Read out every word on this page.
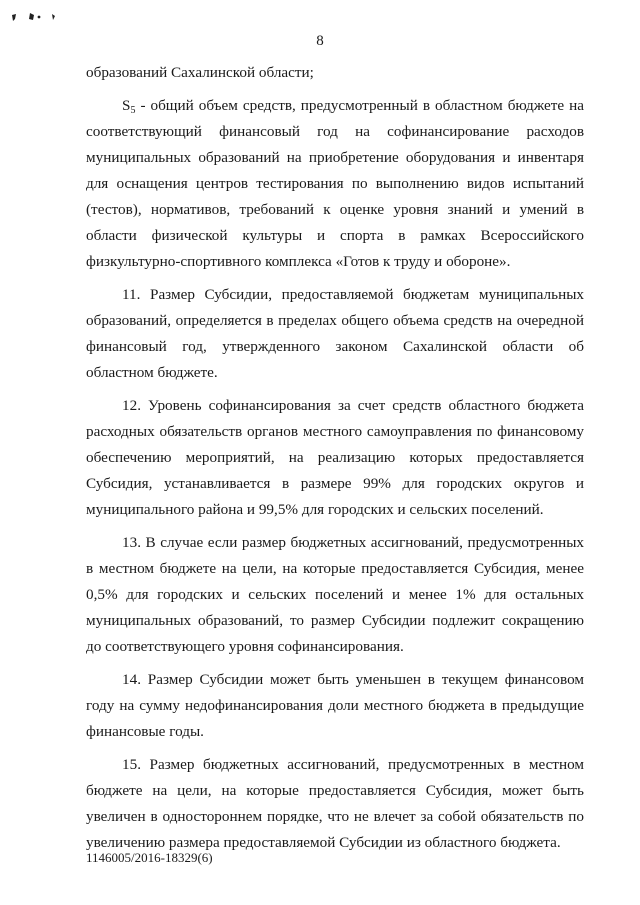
8

образований Сахалинской области;

$S_5$ - общий объем средств, предусмотренный в областном бюджете на соответствующий финансовый год на софинансирование расходов муниципальных образований на приобретение оборудования и инвентаря для оснащения центров тестирования по выполнению видов испытаний (тестов), нормативов, требований к оценке уровня знаний и умений в области физической культуры и спорта в рамках Всероссийского физкультурно-спортивного комплекса «Готов к труду и обороне».

11. Размер Субсидии, предоставляемой бюджетам муниципальных образований, определяется в пределах общего объема средств на очередной финансовый год, утвержденного законом Сахалинской области об областном бюджете.

12. Уровень софинансирования за счет средств областного бюджета расходных обязательств органов местного самоуправления по финансовому обеспечению мероприятий, на реализацию которых предоставляется Субсидия, устанавливается в размере 99% для городских округов и муниципального района и 99,5% для городских и сельских поселений.

13. В случае если размер бюджетных ассигнований, предусмотренных в местном бюджете на цели, на которые предоставляется Субсидия, менее 0,5% для городских и сельских поселений и менее 1% для остальных муниципальных образований, то размер Субсидии подлежит сокращению до соответствующего уровня софинансирования.

14. Размер Субсидии может быть уменьшен в текущем финансовом году на сумму недофинансирования доли местного бюджета в предыдущие финансовые годы.

15. Размер бюджетных ассигнований, предусмотренных в местном бюджете на цели, на которые предоставляется Субсидия, может быть увеличен в одностороннем порядке, что не влечет за собой обязательств по увеличению размера предоставляемой Субсидии из областного бюджета.

1146005/2016-18329(6)
